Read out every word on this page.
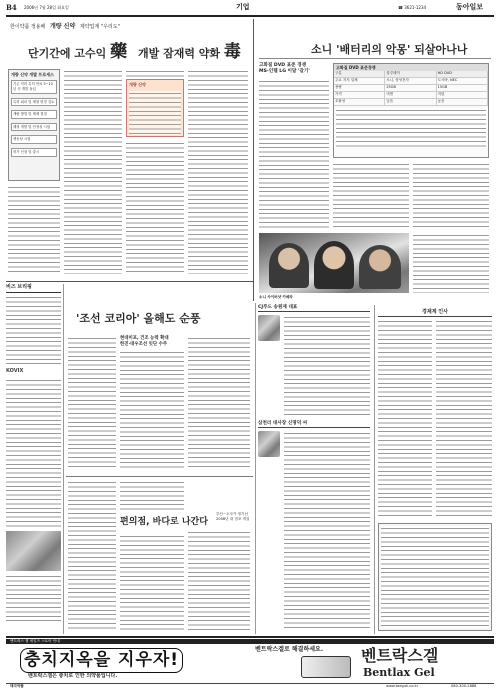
B4 2006년 7월 28일 화요일	기업	☎ 3621-1234	동아일보
한이약품 정용배 개량 신약 제약업계 "우리도"
단기간에 고수익 藥 개발 잠재력 약화 毒
개량 신약 개발 프로세스
기존 약의 특허 만료 5~10년 전 개발 돌입
특허 회피 및 제형 변경 검토
개량 방법 및 제제 결정
제형 개발 및 안정성 시험
생동성 시험
허가 신청 및 출시
개량 신약
소니 '배터리의 악몽' 되살아나나
고화질 DVD 표준 경쟁
MS-인텔 LG 이달 '갈기'
고화질 DVD 표준경쟁
구분	블루레이	HD DVD
주요 지지 업체	소니, 삼성전자	도시바, NEC
용량	25GB	15GB
가격	비쌈	저렴
호환성	낮음	높음
소니 사이버샷 카메라
비즈 브리핑
KOVIX
'조선 코리아' 올해도 순풍
현대미포, 건조 능력 확대
한진·대우조선 잇단 수주
편의점, 바다로 나간다
부산~오사카 정기선
2008년 내 점포 개설
CJ푸드 송원재 대표
삼천리 대사장 신명덕 씨
경제계 인사
벤트락스 젤 세일즈 스토어 안내
충치지옥을 지우자!
벤트락스겔은 충치로 인한 의약품입니다.
벤트락스겔로 해결하세요. 벤트락스겔
Bentlax Gel
태극약품	www.taeguk.co.kr	080-300-2888
